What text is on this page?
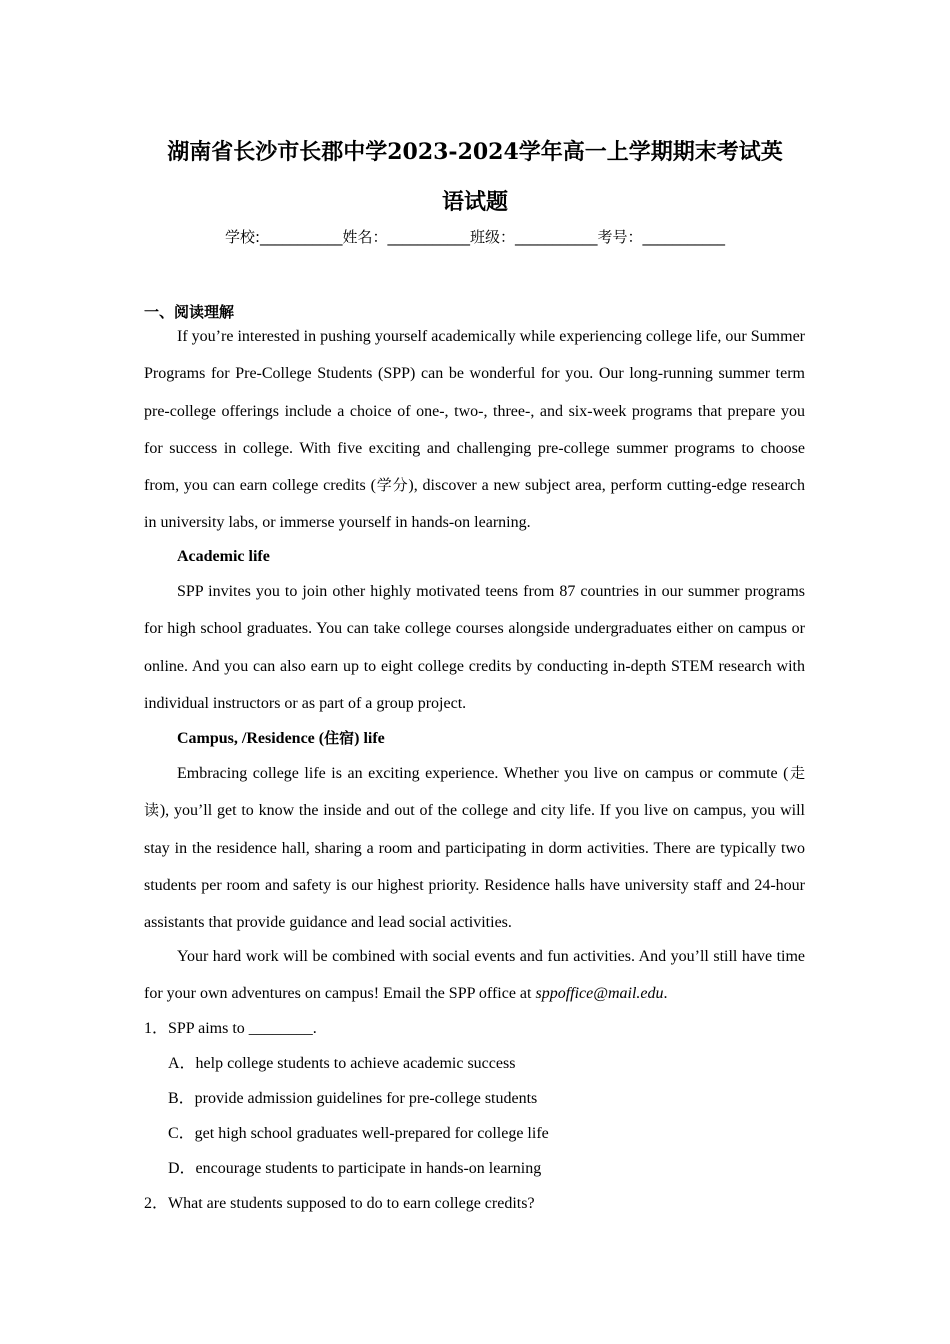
湖南省长沙市长郡中学2023-2024学年高一上学期期末考试英
语试题
学校:___________姓名：___________班级：___________考号：___________
一、阅读理解

If you’re interested in pushing yourself academically while experiencing college life, our Summer Programs for Pre-College Students (SPP) can be wonderful for you. Our long-running summer term pre-college offerings include a choice of one-, two-, three-, and six-week programs that prepare you for success in college. With five exciting and challenging pre-college summer programs to choose from, you can earn college credits (学分), discover a new subject area, perform cutting-edge research in university labs, or immerse yourself in hands-on learning.

Academic life

SPP invites you to join other highly motivated teens from 87 countries in our summer programs for high school graduates. You can take college courses alongside undergraduates either on campus or online. And you can also earn up to eight college credits by conducting in-depth STEM research with individual instructors or as part of a group project.

Campus, /Residence (住宿) life

Embracing college life is an exciting experience. Whether you live on campus or commute (走读), you’ll get to know the inside and out of the college and city life. If you live on campus, you will stay in the residence hall, sharing a room and participating in dorm activities. There are typically two students per room and safety is our highest priority. Residence halls have university staff and 24-hour assistants that provide guidance and lead social activities.

Your hard work will be combined with social events and fun activities. And you’ll still have time for your own adventures on campus! Email the SPP office at sppoffice@mail.edu.

1．SPP aims to ________.
A．help college students to achieve academic success
B．provide admission guidelines for pre-college students
C．get high school graduates well-prepared for college life
D．encourage students to participate in hands-on learning
2．What are students supposed to do to earn college credits?
